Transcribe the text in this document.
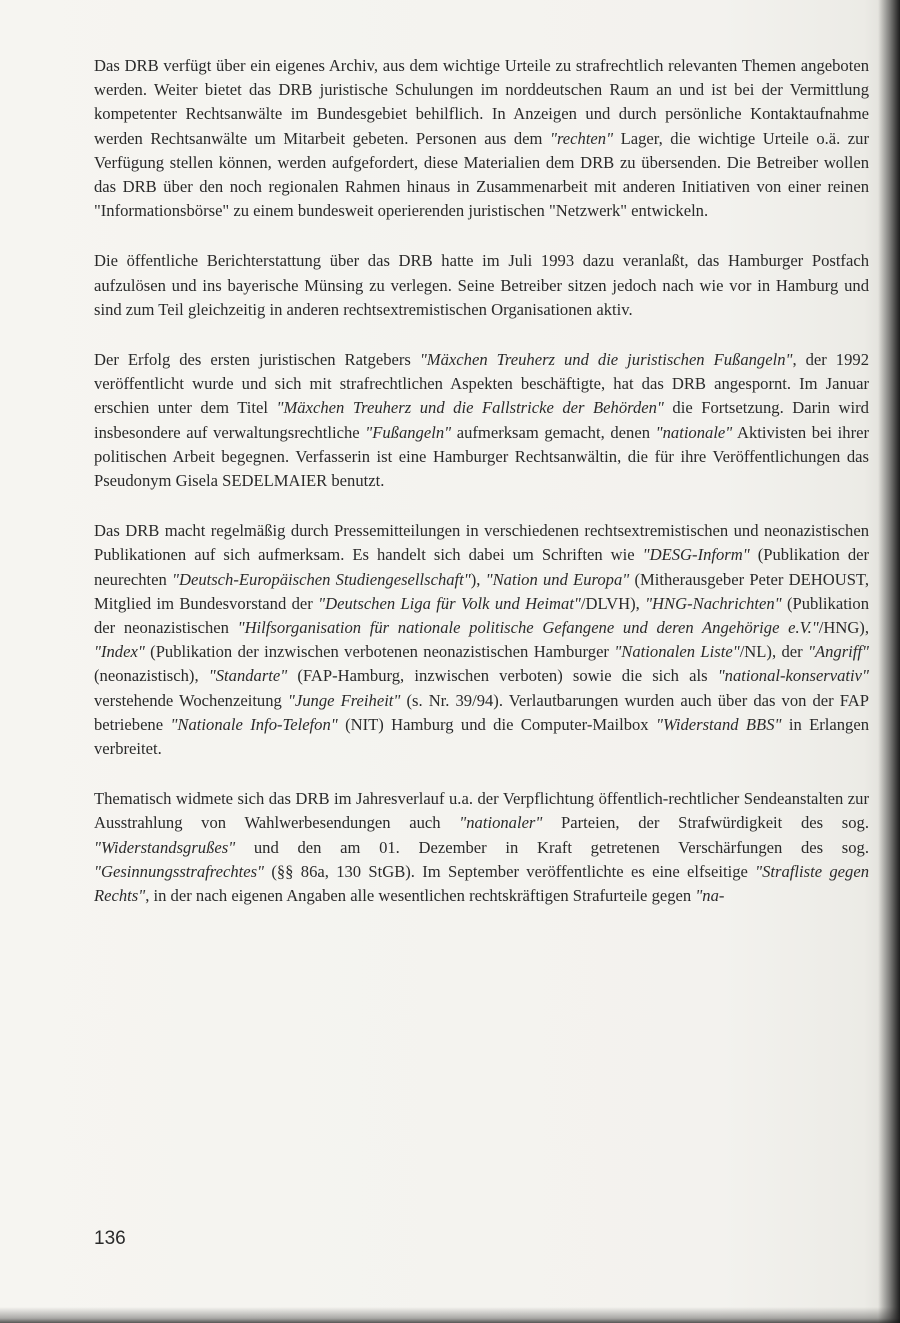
Das DRB verfügt über ein eigenes Archiv, aus dem wichtige Urteile zu strafrechtlich relevanten Themen angeboten werden. Weiter bietet das DRB juristische Schulungen im norddeutschen Raum an und ist bei der Vermittlung kompetenter Rechtsanwälte im Bundesgebiet behilflich. In Anzeigen und durch persönliche Kontaktaufnahme werden Rechtsanwälte um Mitarbeit gebeten. Personen aus dem "rechten" Lager, die wichtige Urteile o.ä. zur Verfügung stellen können, werden aufgefordert, diese Materialien dem DRB zu übersenden. Die Betreiber wollen das DRB über den noch regionalen Rahmen hinaus in Zusammenarbeit mit anderen Initiativen von einer reinen "Informationsbörse" zu einem bundesweit operierenden juristischen "Netzwerk" entwickeln.

Die öffentliche Berichterstattung über das DRB hatte im Juli 1993 dazu veranlaßt, das Hamburger Postfach aufzulösen und ins bayerische Münsing zu verlegen. Seine Betreiber sitzen jedoch nach wie vor in Hamburg und sind zum Teil gleichzeitig in anderen rechtsextremistischen Organisationen aktiv.

Der Erfolg des ersten juristischen Ratgebers "Mäxchen Treuherz und die juristischen Fußangeln", der 1992 veröffentlicht wurde und sich mit strafrechtlichen Aspekten beschäftigte, hat das DRB angespornt. Im Januar erschien unter dem Titel "Mäxchen Treuherz und die Fallstricke der Behörden" die Fortsetzung. Darin wird insbesondere auf verwaltungsrechtliche "Fußangeln" aufmerksam gemacht, denen "nationale" Aktivisten bei ihrer politischen Arbeit begegnen. Verfasserin ist eine Hamburger Rechtsanwältin, die für ihre Veröffentlichungen das Pseudonym Gisela SEDELMAIER benutzt.

Das DRB macht regelmäßig durch Pressemitteilungen in verschiedenen rechtsextremistischen und neonazistischen Publikationen auf sich aufmerksam. Es handelt sich dabei um Schriften wie "DESG-Inform" (Publikation der neurechten "Deutsch-Europäischen Studiengesellschaft"), "Nation und Europa" (Mitherausgeber Peter DEHOUST, Mitglied im Bundesvorstand der "Deutschen Liga für Volk und Heimat"/DLVH), "HNG-Nachrichten" (Publikation der neonazistischen "Hilfsorganisation für nationale politische Gefangene und deren Angehörige e.V."/HNG), "Index" (Publikation der inzwischen verbotenen neonazistischen Hamburger "Nationalen Liste"/NL), der "Angriff" (neonazistisch), "Standarte" (FAP-Hamburg, inzwischen verboten) sowie die sich als "national-konservativ" verstehende Wochenzeitung "Junge Freiheit" (s. Nr. 39/94). Verlautbarungen wurden auch über das von der FAP betriebene "Nationale Info-Telefon" (NIT) Hamburg und die Computer-Mailbox "Widerstand BBS" in Erlangen verbreitet.

Thematisch widmete sich das DRB im Jahresverlauf u.a. der Verpflichtung öffentlich-rechtlicher Sendeanstalten zur Ausstrahlung von Wahlwerbesendungen auch "nationaler" Parteien, der Strafwürdigkeit des sog. "Widerstandsgrußes" und den am 01. Dezember in Kraft getretenen Verschärfungen des sog. "Gesinnungsstrafrechtes" (§§ 86a, 130 StGB). Im September veröffentlichte es eine elfseitige "Strafliste gegen Rechts", in der nach eigenen Angaben alle wesentlichen rechtskräftigen Strafurteile gegen "na-

136
